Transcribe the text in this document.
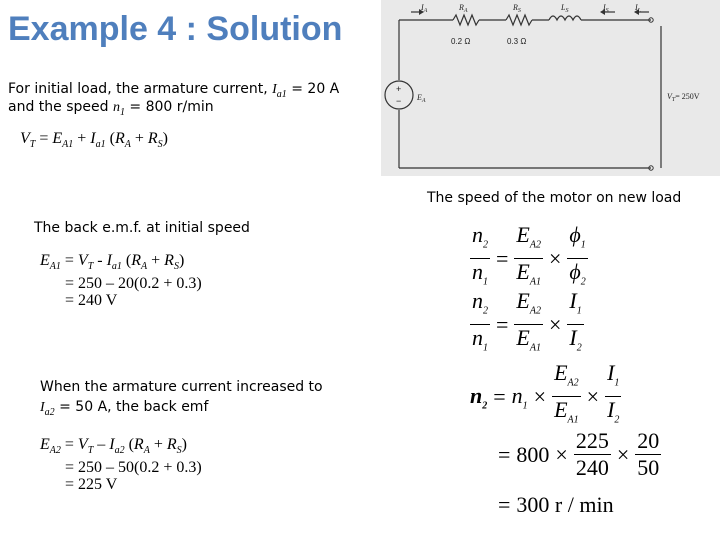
Example 4 : Solution
For initial load, the armature current, $I_{a1} = 20$ A
and the speed $n_1 = 800$ r/min
$V_T = E_{A1} + I_{a1}$ $(R_A + R_S)$
$I_A$	$R_A$	$R_S$	$L_S$	$I_S$	$I_L$
$E_A$	$V_T= 250V$
0.2 Ω	0.3 Ω
+
−
The speed of the motor on new load
The back e.m.f. at initial speed
$E_{A1} = V_T - I_{a1}$ $(R_A + R_S)$
= 250 – 20(0.2 + 0.3)
= 240 V
When the armature current increased to
$I_{a2} = 50$ A, the back emf
$E_{A2} = V_T - I_{a2}$ $(R_A + R_S)$
= 250 – 50(0.2 + 0.3)
= 225 V
$\frac{n_2}{n_1} = \frac{E_{A2}}{E_{A1}} \times \frac{\phi_1}{\phi_2}$
$\frac{n_2}{n_1} = \frac{E_{A2}}{E_{A1}} \times \frac{I_1}{I_2}$
$n_2 = n_1 \times \frac{E_{A2}}{E_{A1}} \times \frac{I_1}{I_2}$
= $800 \times \frac{225}{240} \times \frac{20}{50}$
= 300 r / min
